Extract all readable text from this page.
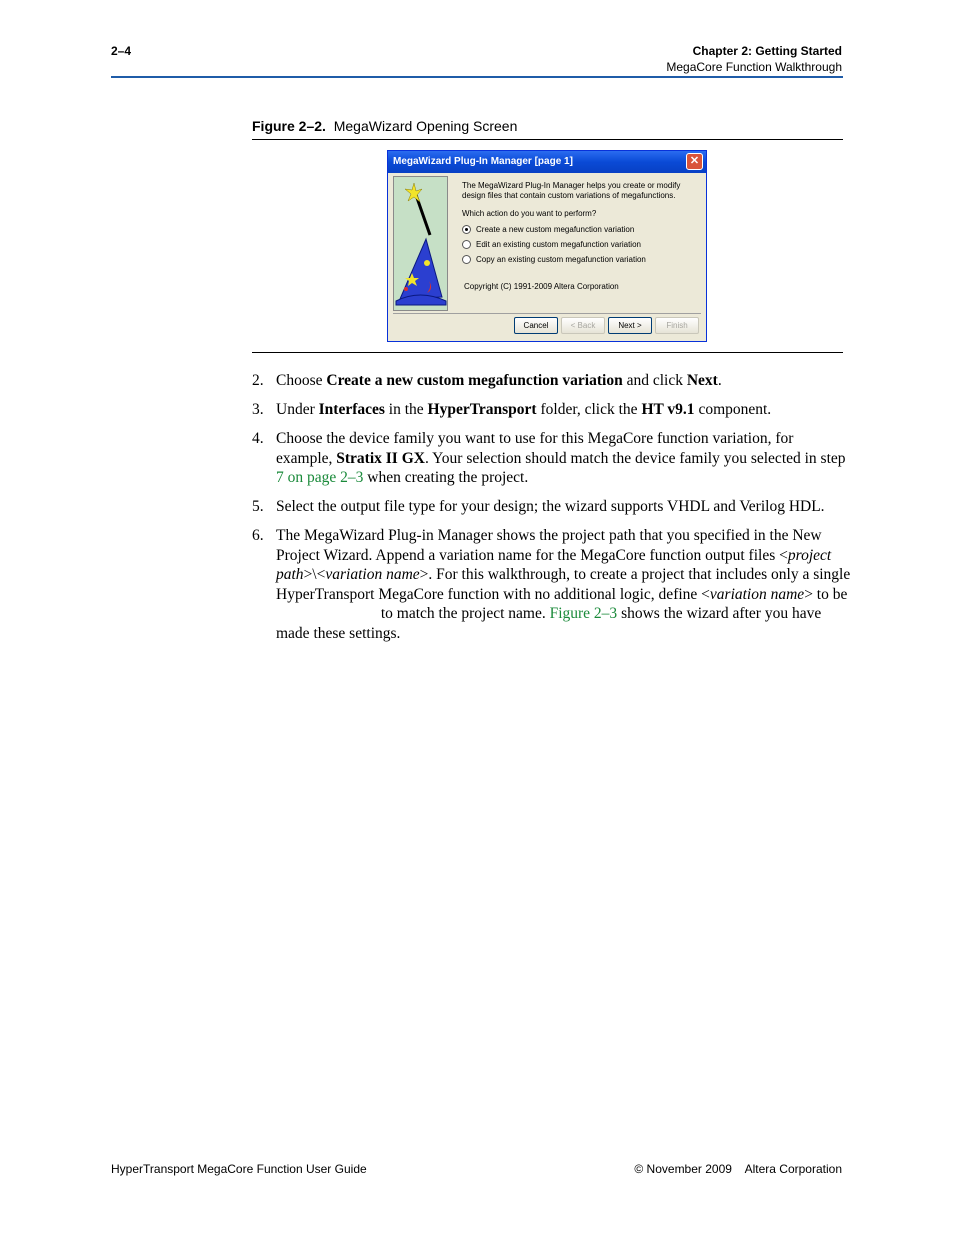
2–4	Chapter 2: Getting Started
MegaCore Function Walkthrough
Figure 2–2. MegaWizard Opening Screen
MegaWizard Plug-In Manager [page 1]	✕

The MegaWizard Plug-In Manager helps you create or modify design files that contain custom variations of megafunctions.

Which action do you want to perform?
Create a new custom megafunction variation
Edit an existing custom megafunction variation
Copy an existing custom megafunction variation
Copyright (C) 1991-2009 Altera Corporation
Cancel	< Back	Next >	Finish
2. Choose Create a new custom megafunction variation and click Next.
3. Under Interfaces in the HyperTransport folder, click the HT v9.1 component.
4. Choose the device family you want to use for this MegaCore function variation, for example, Stratix II GX. Your selection should match the device family you selected in step 7 on page 2–3 when creating the project.
5. Select the output file type for your design; the wizard supports VHDL and Verilog HDL.
6. The MegaWizard Plug-in Manager shows the project path that you specified in the New Project Wizard. Append a variation name for the MegaCore function output files <project path>\<variation name>. For this walkthrough, to create a project that includes only a single HyperTransport MegaCore function with no additional logic, define <variation name> to be  to match the project name. Figure 2–3 shows the wizard after you have made these settings.
HyperTransport MegaCore Function User Guide	© November 2009    Altera Corporation
